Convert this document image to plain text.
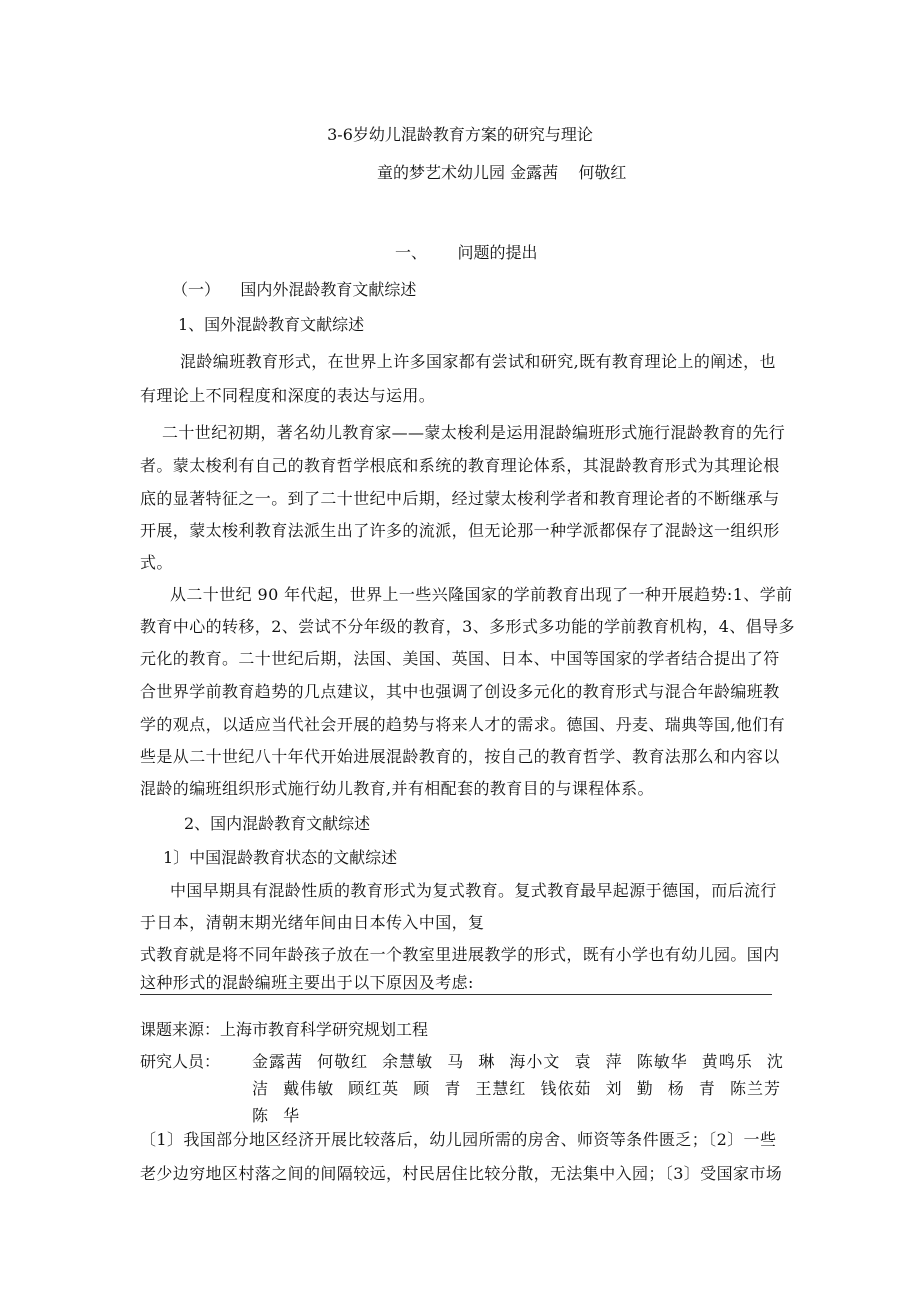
3-6岁幼儿混龄教育方案的研究与理论
童的梦艺术幼儿园 金露茜    何敬红
一、      问题的提出
（一）    国内外混龄教育文献综述
1、国外混龄教育文献综述
混龄编班教育形式，在世界上许多国家都有尝试和研究,既有教育理论上的阐述，也
有理论上不同程度和深度的表达与运用。
二十世纪初期，著名幼儿教育家——蒙太梭利是运用混龄编班形式施行混龄教育的先行
者。蒙太梭利有自己的教育哲学根底和系统的教育理论体系，其混龄教育形式为其理论根
底的显著特征之一。到了二十世纪中后期，经过蒙太梭利学者和教育理论者的不断继承与
开展，蒙太梭利教育法派生出了许多的流派，但无论那一种学派都保存了混龄这一组织形
式。
从二十世纪 90 年代起，世界上一些兴隆国家的学前教育出现了一种开展趋势:1、学前
教育中心的转移，2、尝试不分年级的教育，3、多形式多功能的学前教育机构，4、倡导多
元化的教育。二十世纪后期，法国、美国、英国、日本、中国等国家的学者结合提出了符
合世界学前教育趋势的几点建议，其中也强调了创设多元化的教育形式与混合年龄编班教
学的观点，以适应当代社会开展的趋势与将来人才的需求。德国、丹麦、瑞典等国,他们有
些是从二十世纪八十年代开始进展混龄教育的，按自己的教育哲学、教育法那么和内容以
混龄的编班组织形式施行幼儿教育,并有相配套的教育目的与课程体系。
2、国内混龄教育文献综述
1〕中国混龄教育状态的文献综述
中国早期具有混龄性质的教育形式为复式教育。复式教育最早起源于德国，而后流行
于日本，清朝末期光绪年间由日本传入中国，复
式教育就是将不同年龄孩子放在一个教室里进展教学的形式，既有小学也有幼儿园。国内
这种形式的混龄编班主要出于以下原因及考虑:
课题来源：上海市教育科学研究规划工程
研究人员： 金露茜 何敬红 余慧敏 马 琳 海小文 袁 萍 陈敏华 黄鸣乐 沈洁 戴伟敏 顾红英 顾 青 王慧红 钱依茹 刘 勤 杨 青 陈兰芳 陈 华
〔1〕我国部分地区经济开展比较落后，幼儿园所需的房舍、师资等条件匮乏；〔2〕一些
老少边穷地区村落之间的间隔较远，村民居住比较分散，无法集中入园；〔3〕受国家市场
